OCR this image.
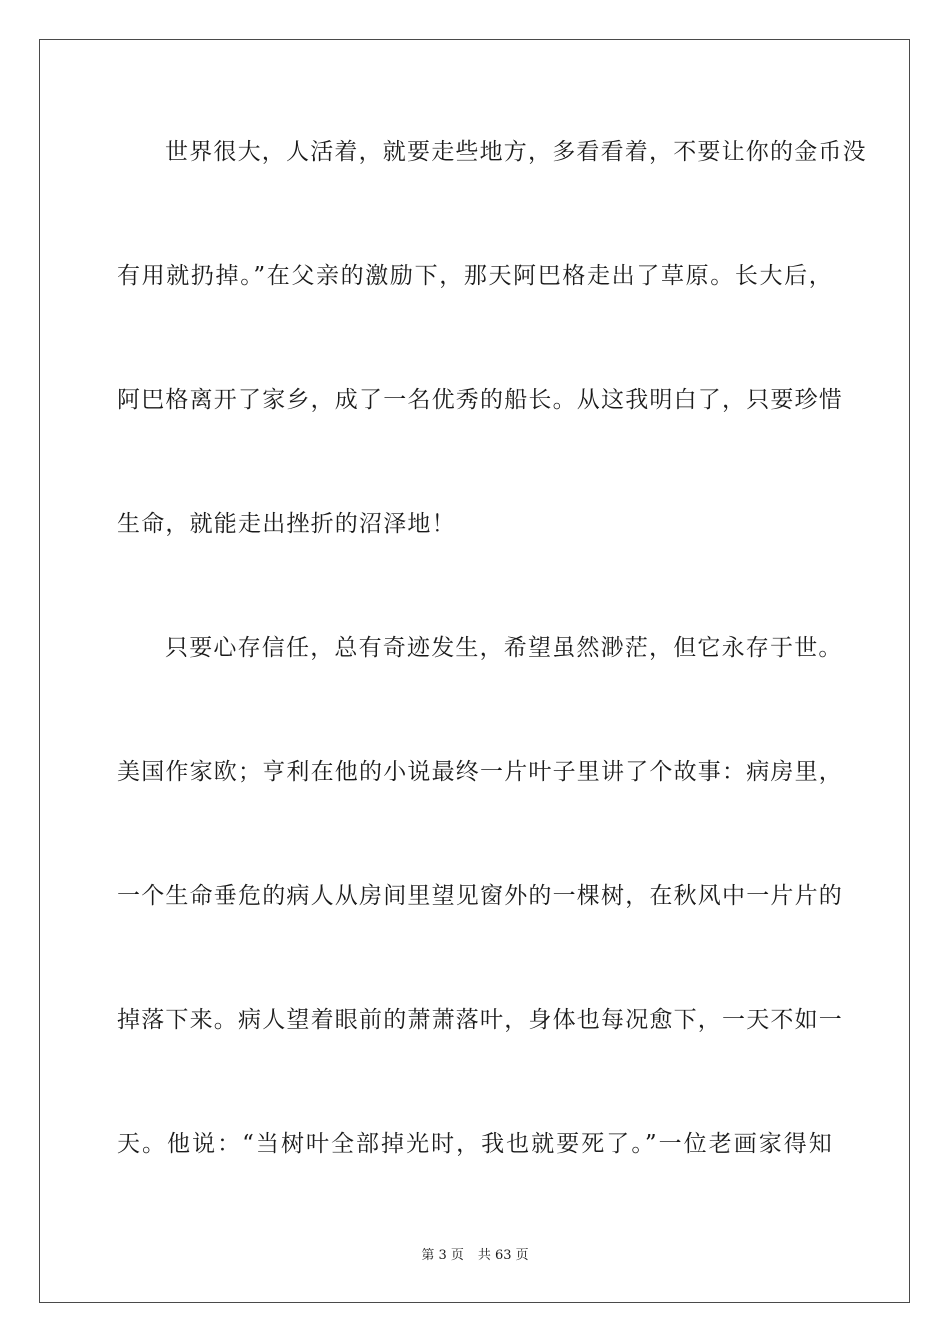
世界很大，人活着，就要走些地方，多看看着，不要让你的金币没
有用就扔掉。”在父亲的激励下，那天阿巴格走出了草原。长大后，
阿巴格离开了家乡，成了一名优秀的船长。从这我明白了，只要珍惜
生命，就能走出挫折的沼泽地！
只要心存信任，总有奇迹发生，希望虽然渺茫，但它永存于世。
美国作家欧；亨利在他的小说最终一片叶子里讲了个故事：病房里，
一个生命垂危的病人从房间里望见窗外的一棵树，在秋风中一片片的
掉落下来。病人望着眼前的萧萧落叶，身体也每况愈下，一天不如一
天。他说：“当树叶全部掉光时，我也就要死了。”一位老画家得知
第 3 页 共 63 页
